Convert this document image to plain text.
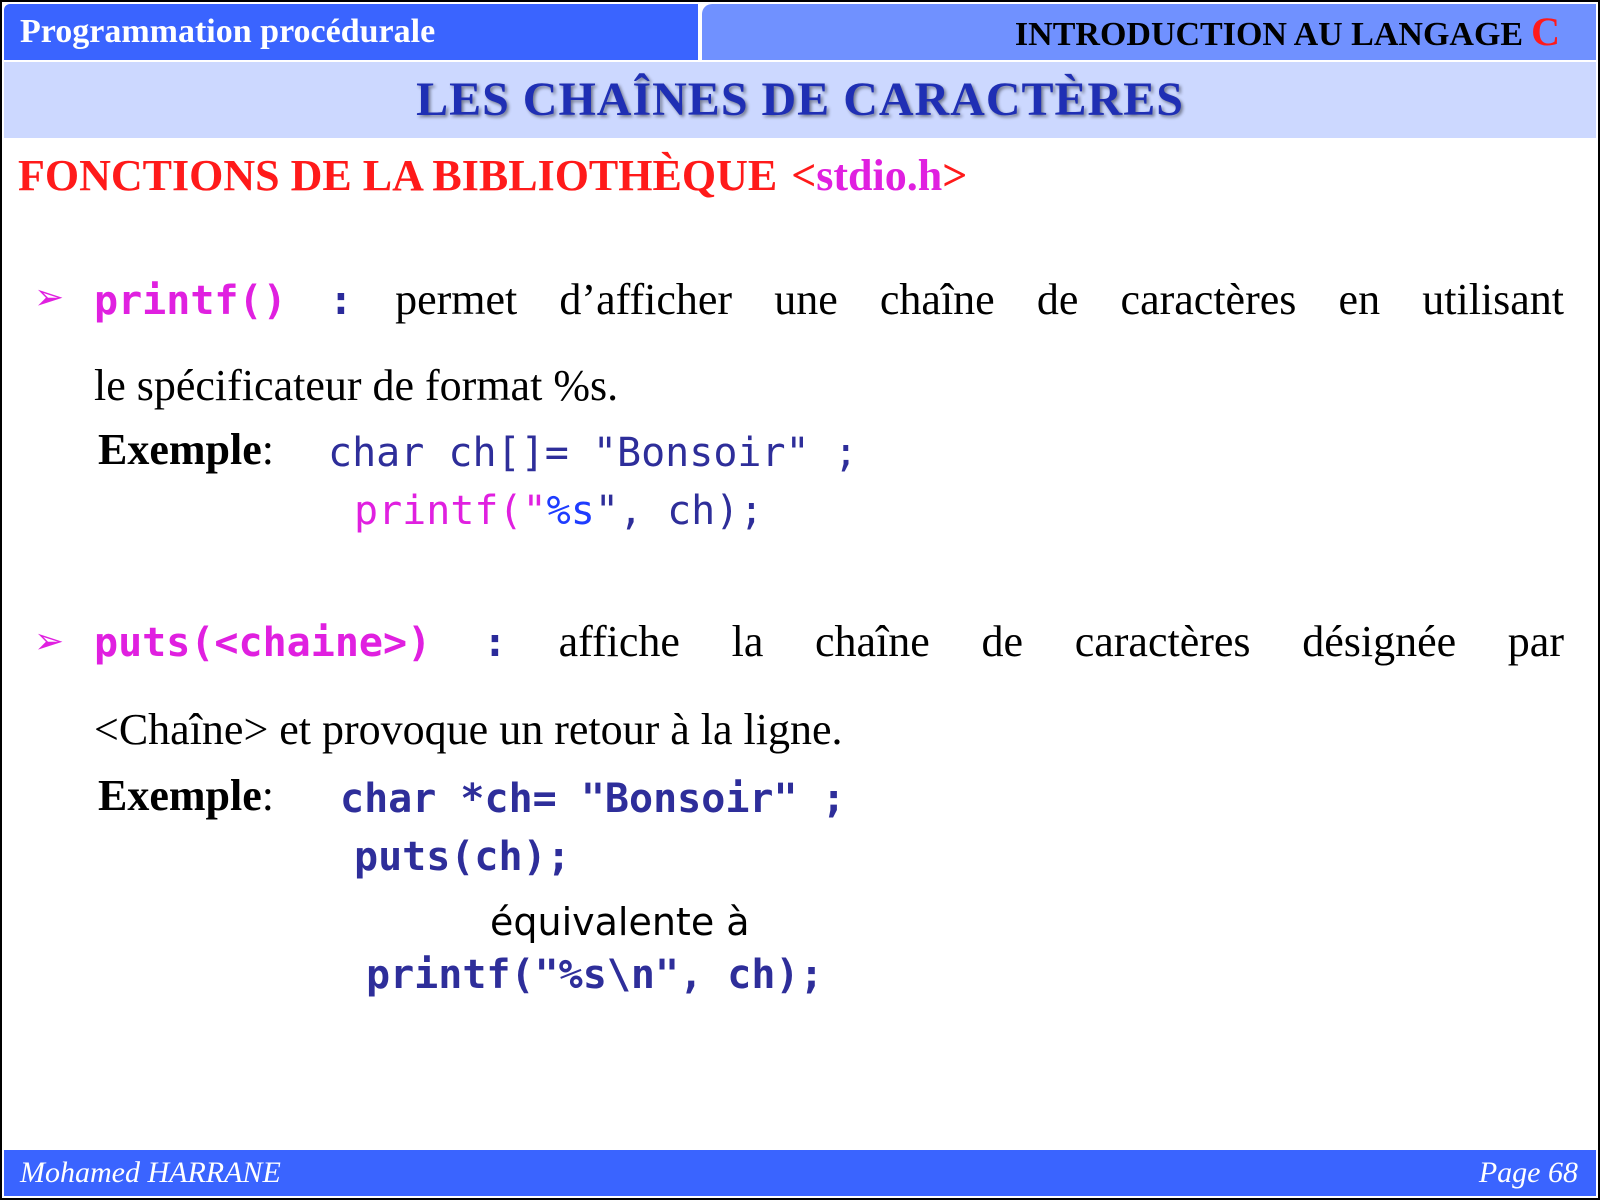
Programmation procédurale	INTRODUCTION AU LANGAGE C
LES CHAÎNES DE CARACTÈRES
FONCTIONS DE LA BIBLIOTHÈQUE <stdio.h>
➢ printf() : permet d’afficher une chaîne de caractères en utilisant
le spécificateur de format %s.
Exemple: char ch[]= "Bonsoir" ;
printf("%s", ch);
➢ puts(<chaine>) : affiche la chaîne de caractères désignée par
<Chaîne> et provoque un retour à la ligne.
Exemple: char *ch= "Bonsoir" ;
puts(ch);
équivalente à
printf("%s\n", ch);
Mohamed HARRANE	Page 68
